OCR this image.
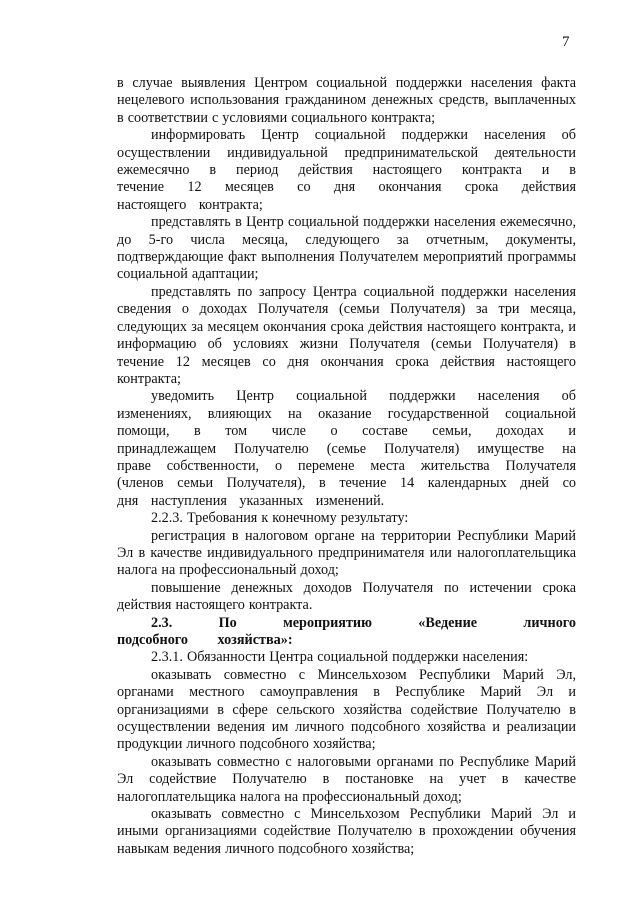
7

в случае выявления Центром социальной поддержки населения факта нецелевого использования гражданином денежных средств, выплаченных в соответствии с условиями социального контракта;

информировать Центр социальной поддержки населения об осуществлении индивидуальной предпринимательской деятельности ежемесячно в период действия настоящего контракта и в течение 12 месяцев со дня окончания срока действия настоящего контракта;

представлять в Центр социальной поддержки населения ежемесячно, до 5-го числа месяца, следующего за отчетным, документы, подтверждающие факт выполнения Получателем мероприятий программы социальной адаптации;

представлять по запросу Центра социальной поддержки населения сведения о доходах Получателя (семьи Получателя) за три месяца, следующих за месяцем окончания срока действия настоящего контракта, и информацию об условиях жизни Получателя (семьи Получателя) в течение 12 месяцев со дня окончания срока действия настоящего контракта;

уведомить Центр социальной поддержки населения об изменениях, влияющих на оказание государственной социальной помощи, в том числе о составе семьи, доходах и принадлежащем Получателю (семье Получателя) имуществе на праве собственности, о перемене места жительства Получателя (членов семьи Получателя), в течение 14 календарных дней со дня наступления указанных изменений.

2.2.3. Требования к конечному результату:

регистрация в налоговом органе на территории Республики Марий Эл в качестве индивидуального предпринимателя или налогоплательщика налога на профессиональный доход;

повышение денежных доходов Получателя по истечении срока действия настоящего контракта.

2.3. По мероприятию «Ведение личного подсобного хозяйства»:

2.3.1. Обязанности Центра социальной поддержки населения:

оказывать совместно с Минсельхозом Республики Марий Эл, органами местного самоуправления в Республике Марий Эл и организациями в сфере сельского хозяйства содействие Получателю в осуществлении ведения им личного подсобного хозяйства и реализации продукции личного подсобного хозяйства;

оказывать совместно с налоговыми органами по Республике Марий Эл содействие Получателю в постановке на учет в качестве налогоплательщика налога на профессиональный доход;

оказывать совместно с Минсельхозом Республики Марий Эл и иными организациями содействие Получателю в прохождении обучения навыкам ведения личного подсобного хозяйства;
